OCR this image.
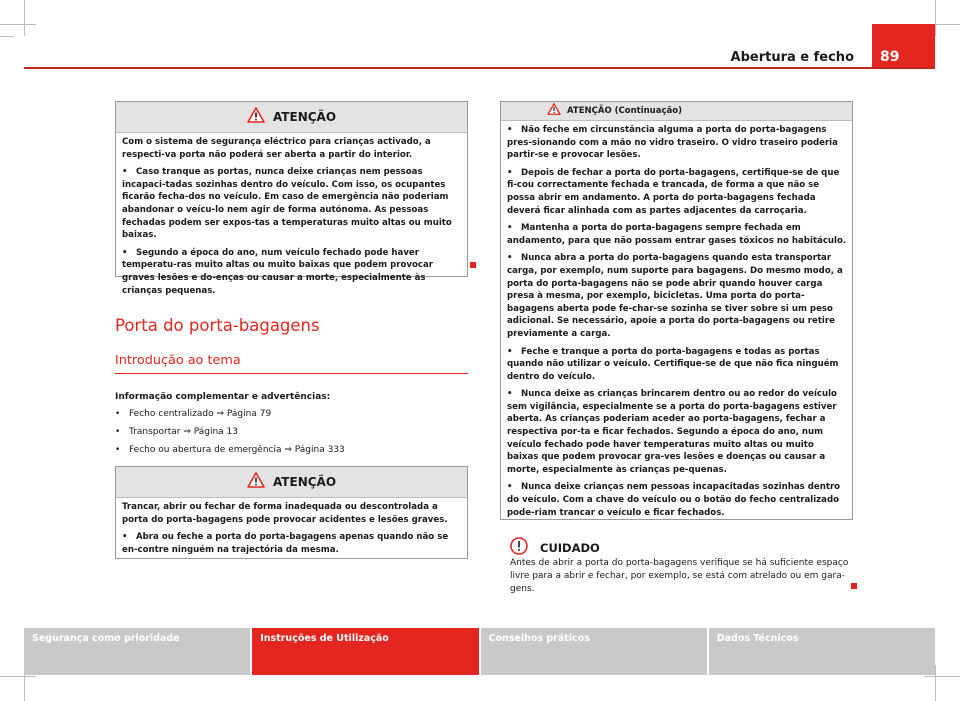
Abertura e fecho	89
ATENÇÃO

Com o sistema de segurança eléctrico para crianças activado, a respecti-va porta não poderá ser aberta a partir do interior.

• Caso tranque as portas, nunca deixe crianças nem pessoas incapaci-tadas sozinhas dentro do veículo. Com isso, os ocupantes ficarão fecha-dos no veículo. Em caso de emergência não poderiam abandonar o veícu-lo nem agir de forma autónoma. As pessoas fechadas podem ser expos-tas a temperaturas muito altas ou muito baixas.

• Segundo a época do ano, num veículo fechado pode haver temperatu-ras muito altas ou muito baixas que podem provocar graves lesões e do-enças ou causar a morte, especialmente às crianças pequenas.

Porta do porta-bagagens
Introdução ao tema
Informação complementar e advertências:
• Fecho centralizado ⇒ Página 79
• Transportar ⇒ Página 13
• Fecho ou abertura de emergência ⇒ Página 333
ATENÇÃO

Trancar, abrir ou fechar de forma inadequada ou descontrolada a porta do porta-bagagens pode provocar acidentes e lesões graves.

• Abra ou feche a porta do porta-bagagens apenas quando não se en-contre ninguém na trajectória da mesma.

ATENÇÃO (Continuação)

• Não feche em circunstância alguma a porta do porta-bagagens pres-sionando com a mão no vidro traseiro. O vidro traseiro poderia partir-se e provocar lesões.

• Depois de fechar a porta do porta-bagagens, certifique-se de que fi-cou correctamente fechada e trancada, de forma a que não se possa abrir em andamento. A porta do porta-bagagens fechada deverá ficar alinhada com as partes adjacentes da carroçaria.

• Mantenha a porta do porta-bagagens sempre fechada em andamento, para que não possam entrar gases tóxicos no habitáculo.

• Nunca abra a porta do porta-bagagens quando esta transportar carga, por exemplo, num suporte para bagagens. Do mesmo modo, a porta do porta-bagagens não se pode abrir quando houver carga presa à mesma, por exemplo, bicicletas. Uma porta do porta-bagagens aberta pode fe-char-se sozinha se tiver sobre si um peso adicional. Se necessário, apoie a porta do porta-bagagens ou retire previamente a carga.

• Feche e tranque a porta do porta-bagagens e todas as portas quando não utilizar o veículo. Certifique-se de que não fica ninguém dentro do veículo.

• Nunca deixe as crianças brincarem dentro ou ao redor do veículo sem vigilância, especialmente se a porta do porta-bagagens estiver aberta. As crianças poderiam aceder ao porta-bagagens, fechar a respectiva por-ta e ficar fechados. Segundo a época do ano, num veículo fechado pode haver temperaturas muito altas ou muito baixas que podem provocar gra-ves lesões e doenças ou causar a morte, especialmente às crianças pe-quenas.

• Nunca deixe crianças nem pessoas incapacitadas sozinhas dentro do veículo. Com a chave do veículo ou o botão do fecho centralizado pode-riam trancar o veículo e ficar fechados.

CUIDADO
Antes de abrir a porta do porta-bagagens verifique se há suficiente espaço livre para a abrir e fechar, por exemplo, se está com atrelado ou em gara-gens.
Segurança como prioridade	Instruções de Utilização	Conselhos práticos	Dados Técnicos
